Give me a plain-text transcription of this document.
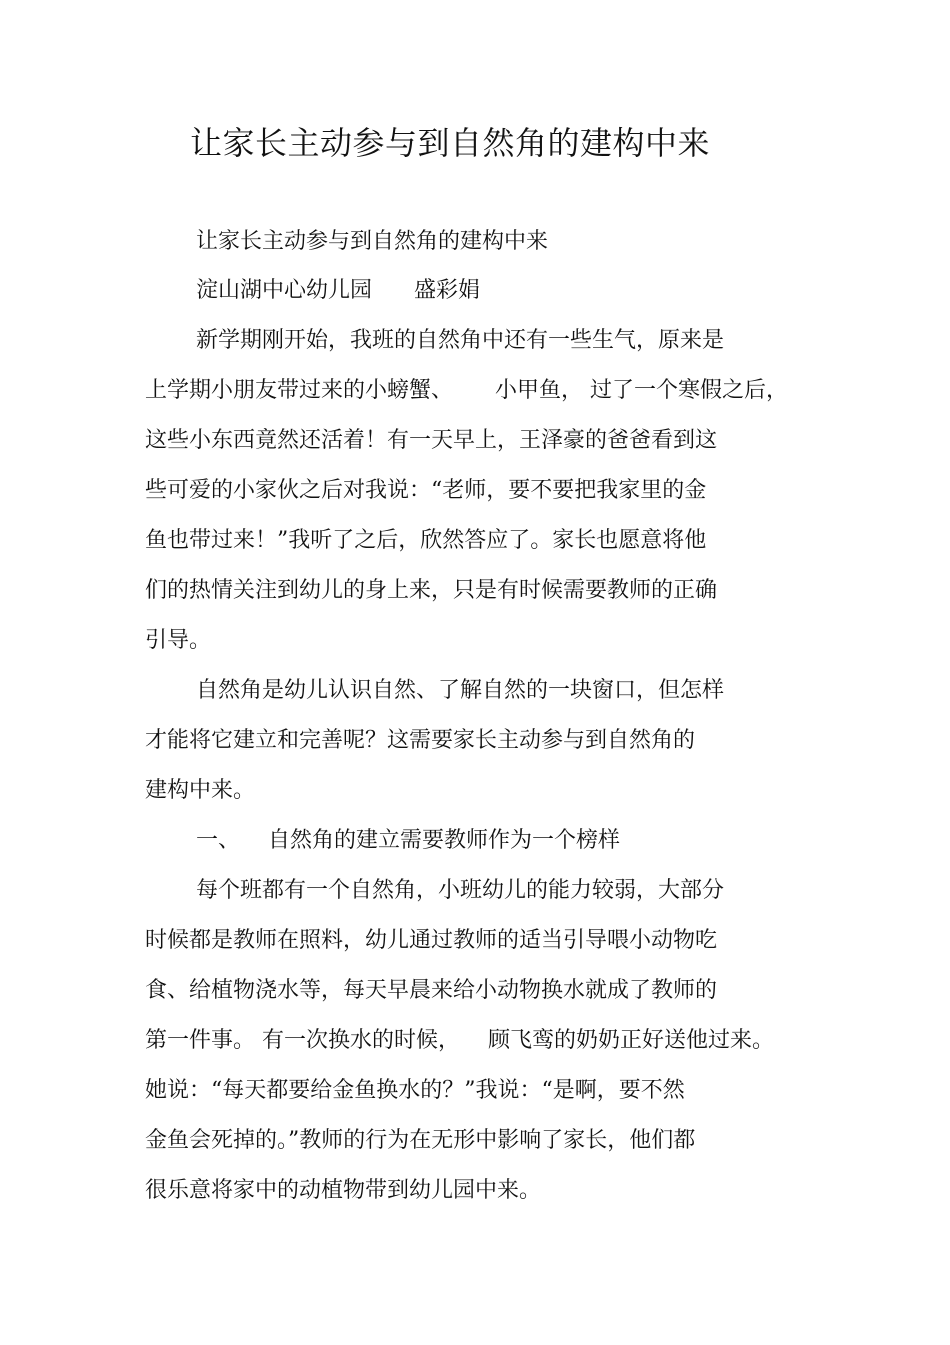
让家长主动参与到自然角的建构中来
让家长主动参与到自然角的建构中来
淀山湖中心幼儿园      盛彩娟
新学期刚开始，我班的自然角中还有一些生气，原来是
上学期小朋友带过来的小螃蟹、      小甲鱼， 过了一个寒假之后，
这些小东西竟然还活着！有一天早上，王泽豪的爸爸看到这
些可爱的小家伙之后对我说：“老师，要不要把我家里的金
鱼也带过来！”我听了之后，欣然答应了。家长也愿意将他
们的热情关注到幼儿的身上来，只是有时候需要教师的正确
引导。
自然角是幼儿认识自然、了解自然的一块窗口，但怎样
才能将它建立和完善呢？这需要家长主动参与到自然角的
建构中来。
一、    自然角的建立需要教师作为一个榜样
每个班都有一个自然角，小班幼儿的能力较弱，大部分
时候都是教师在照料，幼儿通过教师的适当引导喂小动物吃
食、给植物浇水等，每天早晨来给小动物换水就成了教师的
第一件事。 有一次换水的时候，    顾飞鸾的奶奶正好送他过来。
她说：“每天都要给金鱼换水的？”我说：“是啊，要不然
金鱼会死掉的。”教师的行为在无形中影响了家长，他们都
很乐意将家中的动植物带到幼儿园中来。
